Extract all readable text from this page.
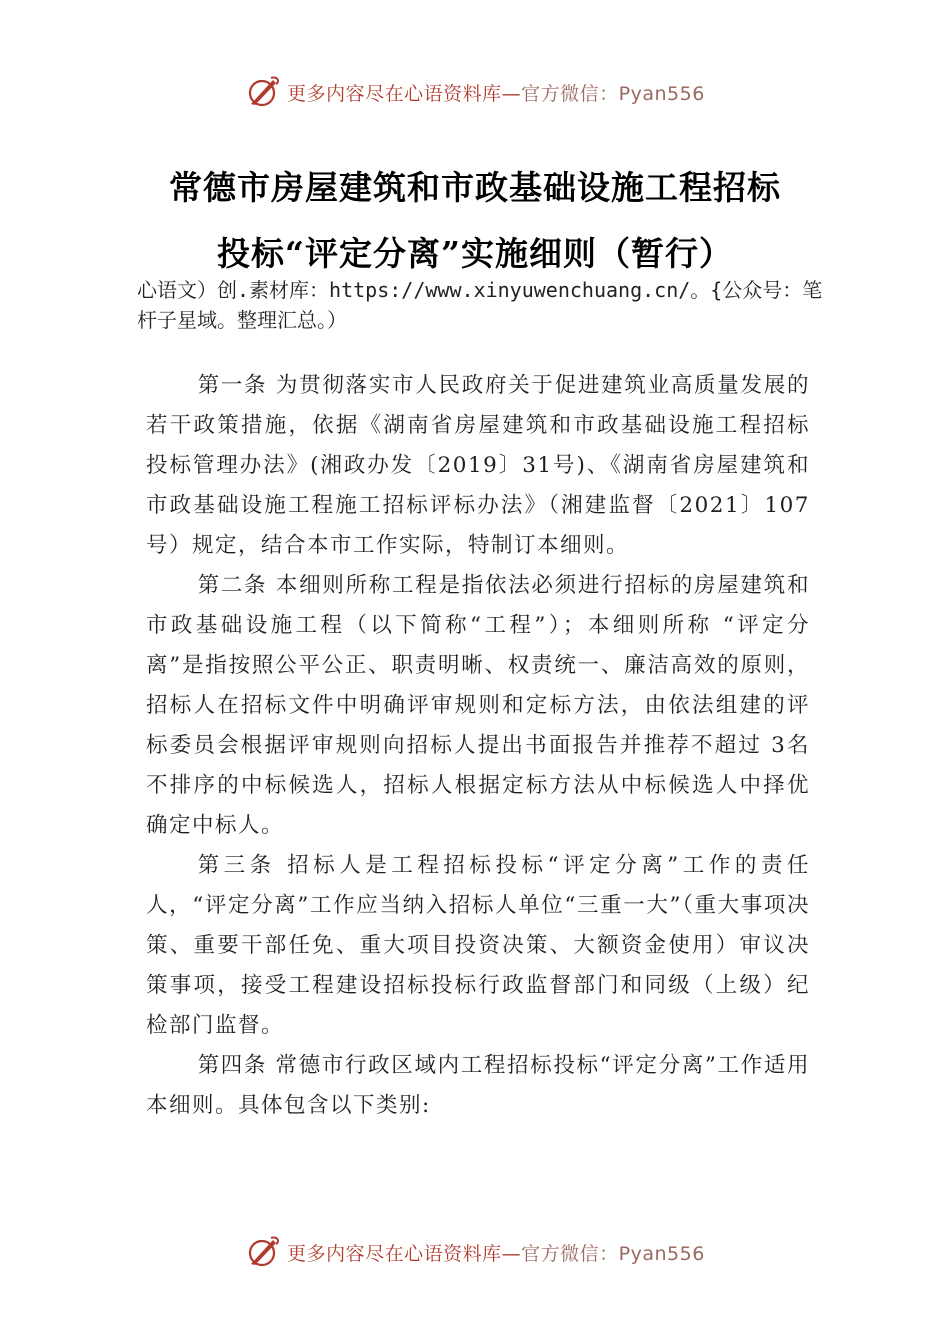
更多内容尽在心语资料库—官方微信：Pyan556
常德市房屋建筑和市政基础设施工程招标
投标“评定分离”实施细则（暂行）
心语文）创.素材库：https://www.xinyuwenchuang.cn/。{公众号：笔杆子星域。整理汇总。）

第一条 为贯彻落实市人民政府关于促进建筑业高质量发展的若干政策措施，依据《湖南省房屋建筑和市政基础设施工程招标投标管理办法》(湘政办发〔2019〕31号)、《湖南省房屋建筑和市政基础设施工程施工招标评标办法》（湘建监督〔2021〕107号）规定，结合本市工作实际，特制订本细则。

第二条 本细则所称工程是指依法必须进行招标的房屋建筑和市政基础设施工程（以下简称“工程”）；本细则所称 “评定分离”是指按照公平公正、职责明晰、权责统一、廉洁高效的原则，招标人在招标文件中明确评审规则和定标方法，由依法组建的评标委员会根据评审规则向招标人提出书面报告并推荐不超过 3名不排序的中标候选人，招标人根据定标方法从中标候选人中择优确定中标人。

第三条 招标人是工程招标投标“评定分离”工作的责任人，“评定分离”工作应当纳入招标人单位“三重一大”（重大事项决策、重要干部任免、重大项目投资决策、大额资金使用）审议决策事项，接受工程建设招标投标行政监督部门和同级（上级）纪检部门监督。

第四条 常德市行政区域内工程招标投标“评定分离”工作适用本细则。具体包含以下类别:

更多内容尽在心语资料库—官方微信：Pyan556
